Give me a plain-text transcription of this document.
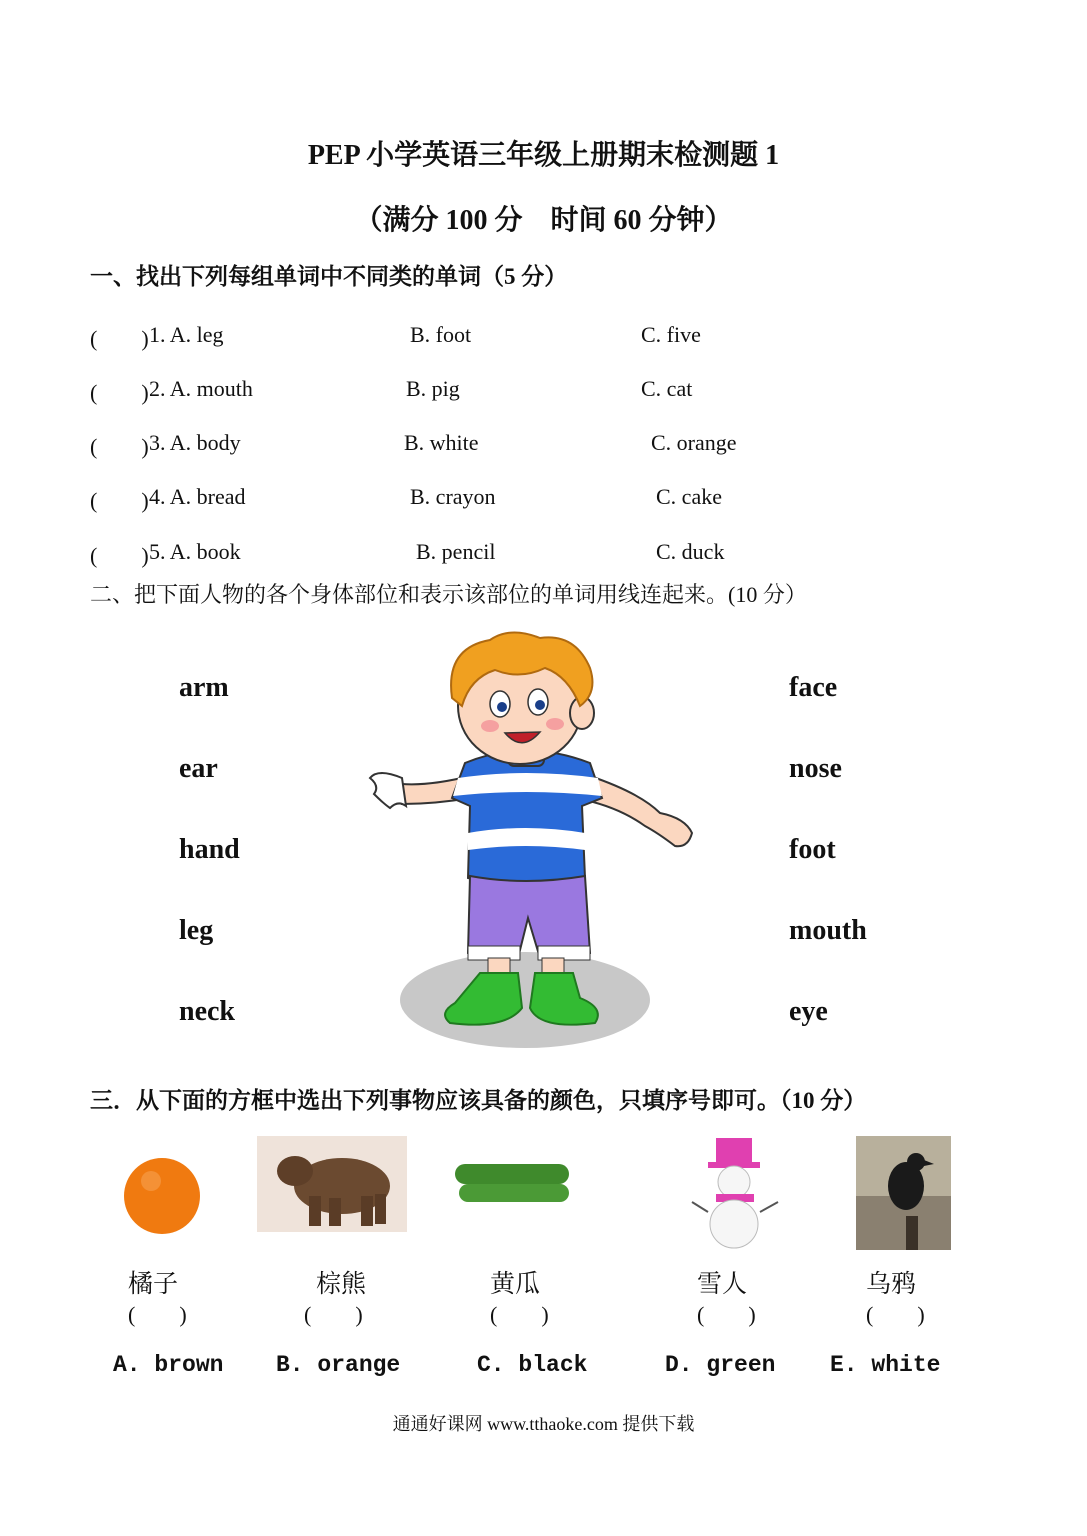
PEP 小学英语三年级上册期末检测题 1
（满分 100 分　时间 60 分钟）
一、找出下列每组单词中不同类的单词（5 分）
(　　) 1. A. leg	B. foot	C. five
(　　) 2. A. mouth	B. pig	C. cat
(　　) 3. A. body	B. white	C. orange
(　　) 4. A. bread	B. crayon	C. cake
(　　) 5. A. book	B. pencil	C. duck
二、把下面人物的各个身体部位和表示该部位的单词用线连起来。(10 分）
arm
ear
hand
leg
neck
face
nose
foot
mouth
eye
三．从下面的方框中选出下列事物应该具备的颜色，只填序号即可。（10 分）
橘子	棕熊	黄瓜	雪人	乌鸦
(　　)	(　　)	(　　)	(　　)	(　　)
A. brown B. orange	C. black	D. green E. white
通通好课网 www.tthaoke.com 提供下载
